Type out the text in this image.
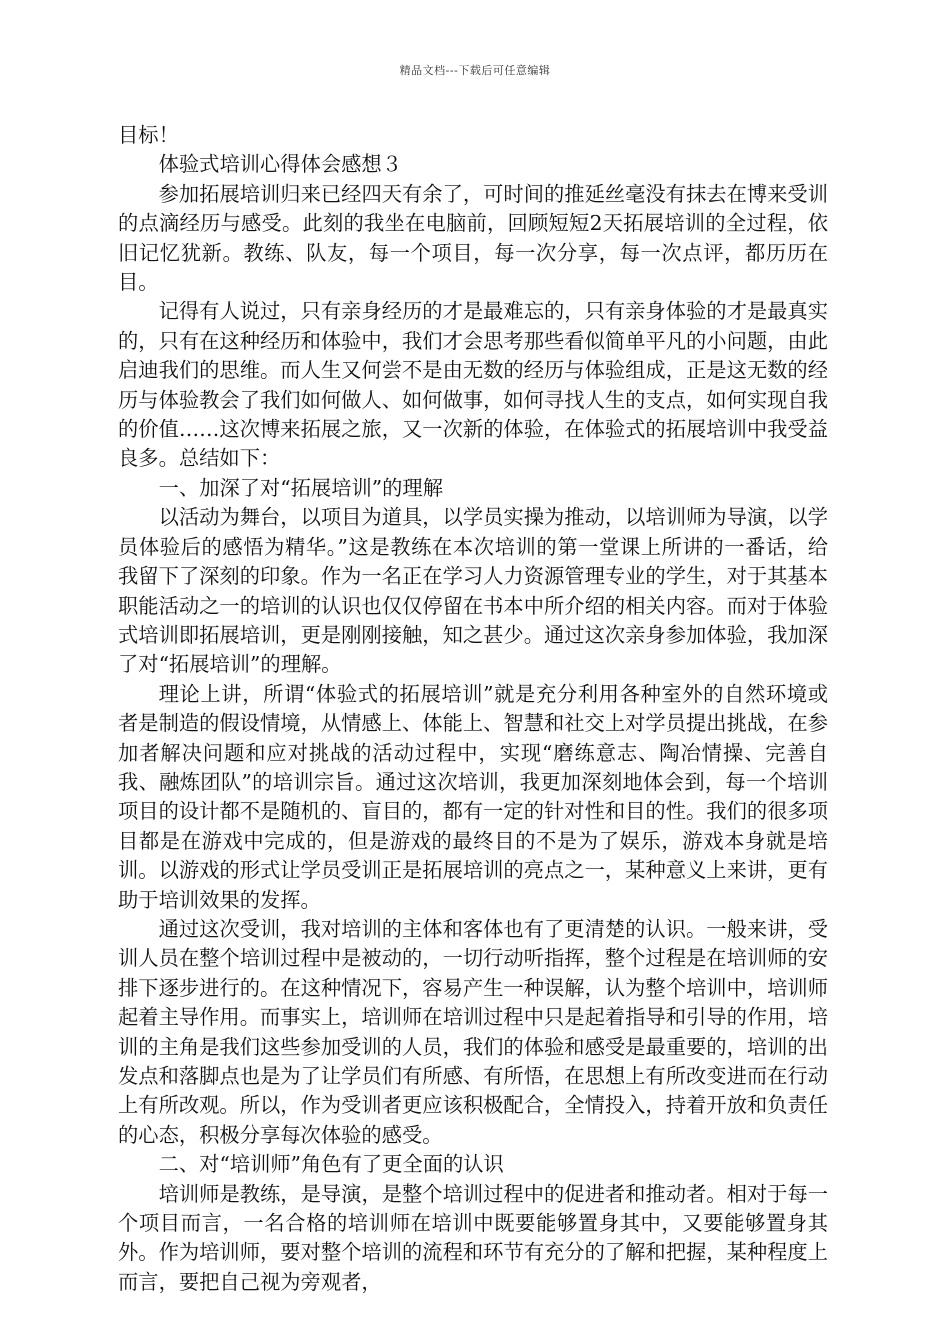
精品文档---下载后可任意编辑

目标！

体验式培训心得体会感想３

参加拓展培训归来已经四天有余了，可时间的推延丝毫没有抹去在博来受训的点滴经历与感受。此刻的我坐在电脑前，回顾短短2天拓展培训的全过程，依旧记忆犹新。教练、队友，每一个项目，每一次分享，每一次点评，都历历在目。

记得有人说过，只有亲身经历的才是最难忘的，只有亲身体验的才是最真实的，只有在这种经历和体验中，我们才会思考那些看似简单平凡的小问题，由此启迪我们的思维。而人生又何尝不是由无数的经历与体验组成，正是这无数的经历与体验教会了我们如何做人、如何做事，如何寻找人生的支点，如何实现自我的价值……这次博来拓展之旅，又一次新的体验，在体验式的拓展培训中我受益良多。总结如下：

一、加深了对“拓展培训”的理解

以活动为舞台，以项目为道具，以学员实操为推动，以培训师为导演，以学员体验后的感悟为精华。”这是教练在本次培训的第一堂课上所讲的一番话，给我留下了深刻的印象。作为一名正在学习人力资源管理专业的学生，对于其基本职能活动之一的培训的认识也仅仅停留在书本中所介绍的相关内容。而对于体验式培训即拓展培训，更是刚刚接触，知之甚少。通过这次亲身参加体验，我加深了对“拓展培训”的理解。

理论上讲，所谓“体验式的拓展培训”就是充分利用各种室外的自然环境或者是制造的假设情境，从情感上、体能上、智慧和社交上对学员提出挑战，在参加者解决问题和应对挑战的活动过程中，实现“磨练意志、陶冶情操、完善自我、融炼团队”的培训宗旨。通过这次培训，我更加深刻地体会到，每一个培训项目的设计都不是随机的、盲目的，都有一定的针对性和目的性。我们的很多项目都是在游戏中完成的，但是游戏的最终目的不是为了娱乐，游戏本身就是培训。以游戏的形式让学员受训正是拓展培训的亮点之一，某种意义上来讲，更有助于培训效果的发挥。

通过这次受训，我对培训的主体和客体也有了更清楚的认识。一般来讲，受训人员在整个培训过程中是被动的，一切行动听指挥，整个过程是在培训师的安排下逐步进行的。在这种情况下，容易产生一种误解，认为整个培训中，培训师起着主导作用。而事实上，培训师在培训过程中只是起着指导和引导的作用，培训的主角是我们这些参加受训的人员，我们的体验和感受是最重要的，培训的出发点和落脚点也是为了让学员们有所感、有所悟，在思想上有所改变进而在行动上有所改观。所以，作为受训者更应该积极配合，全情投入，持着开放和负责任的心态，积极分享每次体验的感受。

二、对“培训师”角色有了更全面的认识

培训师是教练，是导演，是整个培训过程中的促进者和推动者。相对于每一个项目而言，一名合格的培训师在培训中既要能够置身其中，又要能够置身其外。作为培训师，要对整个培训的流程和环节有充分的了解和把握，某种程度上而言，要把自己视为旁观者，
